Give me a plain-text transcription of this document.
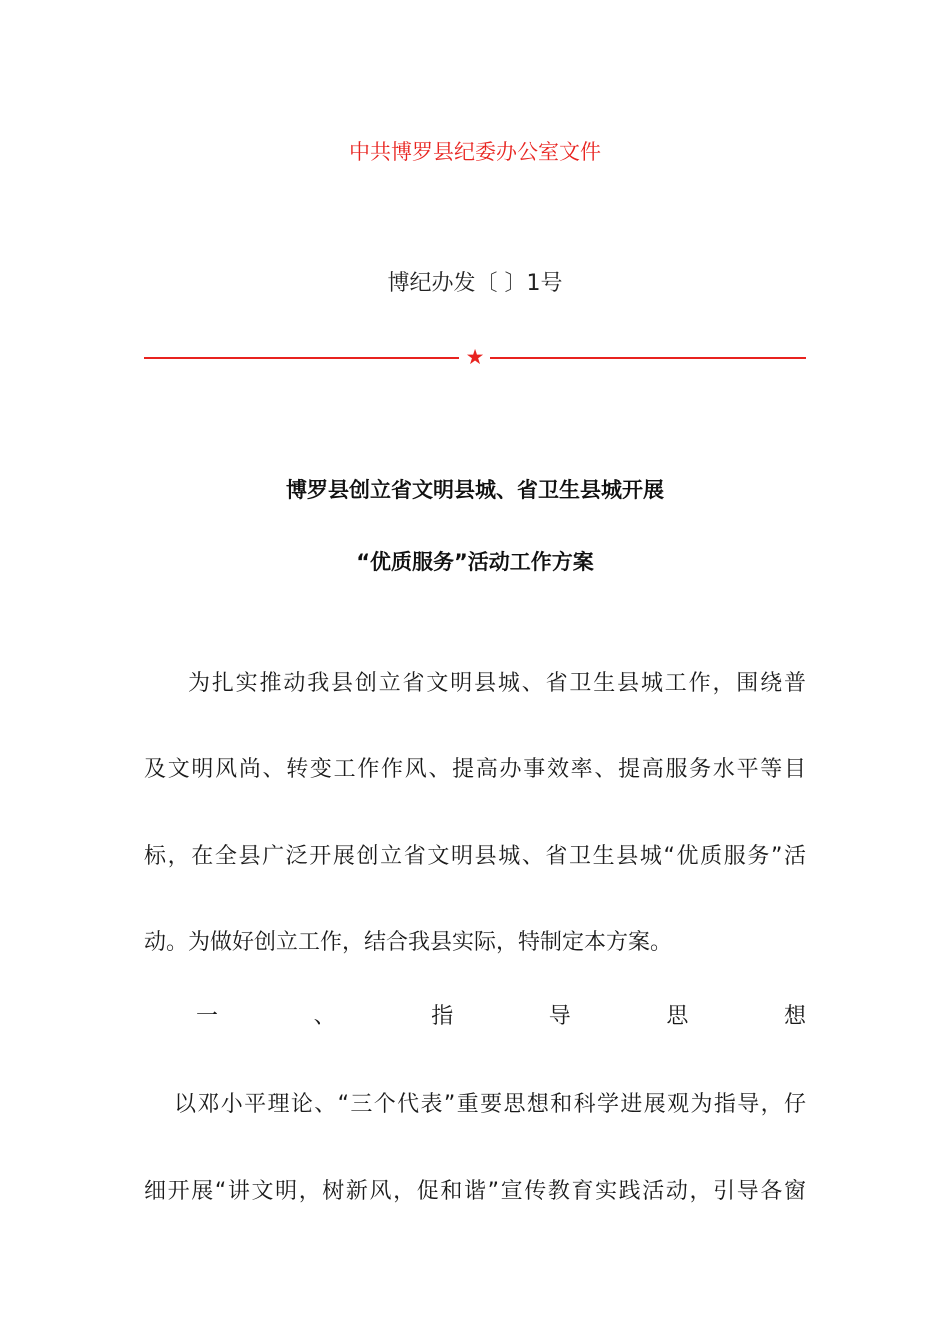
中共博罗县纪委办公室文件
博纪办发〔 〕1号
★
博罗县创立省文明县城、省卫生县城开展
“优质服务”活动工作方案
为扎实推动我县创立省文明县城、省卫生县城工作，围绕普
及文明风尚、转变工作作风、提高办事效率、提高服务水平等目
标，在全县广泛开展创立省文明县城、省卫生县城“优质服务”活
动。为做好创立工作，结合我县实际，特制定本方案。
一	、	指	导	思	想
以邓小平理论、“三个代表”重要思想和科学进展观为指导，仔
细开展“讲文明，树新风，促和谐”宣传教育实践活动，引导各窗
